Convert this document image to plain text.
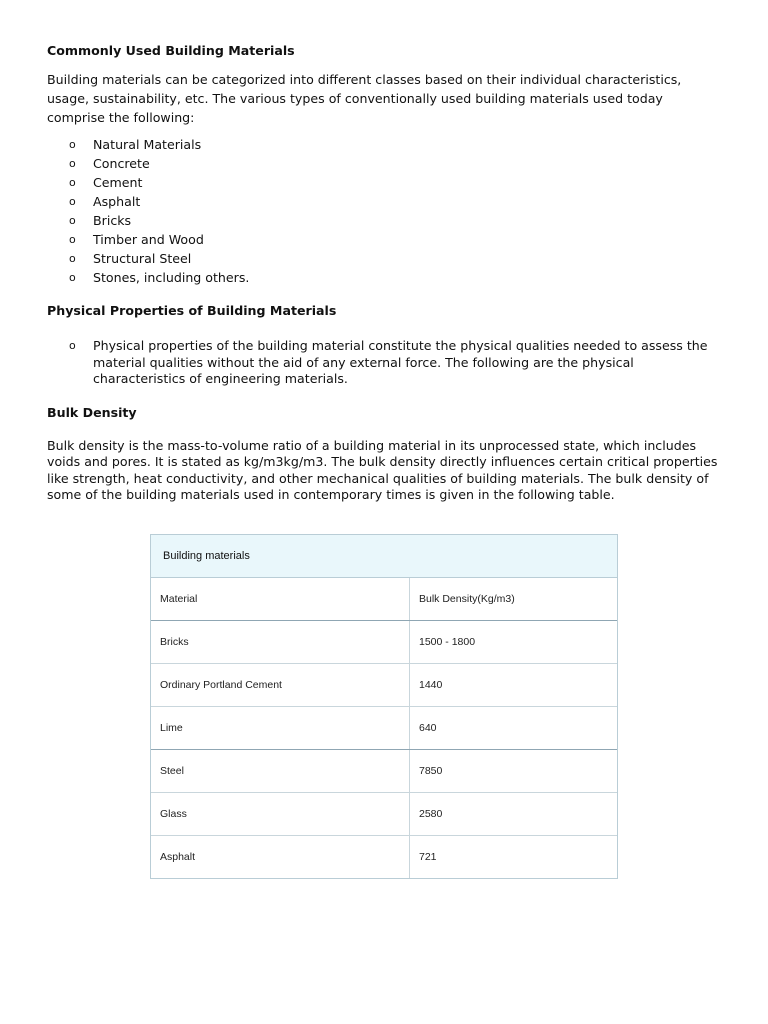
Commonly Used Building Materials

Building materials can be categorized into different classes based on their individual characteristics, usage, sustainability, etc. The various types of conventionally used building materials used today comprise the following:

o Natural Materials
o Concrete
o Cement
o Asphalt
o Bricks
o Timber and Wood
o Structural Steel
o Stones, including others.
Physical Properties of Building Materials
o Physical properties of the building material constitute the physical qualities needed to assess the material qualities without the aid of any external force. The following are the physical characteristics of engineering materials.
Bulk Density

Bulk density is the mass-to-volume ratio of a building material in its unprocessed state, which includes voids and pores. It is stated as kg/m3kg/m3. The bulk density directly influences certain critical properties like strength, heat conductivity, and other mechanical qualities of building materials. The bulk density of some of the building materials used in contemporary times is given in the following table.

Building materials
Material	Bulk Density(Kg/m3)
Bricks	1500 - 1800
Ordinary Portland Cement	1440
Lime	640
Steel	7850
Glass	2580
Asphalt	721
